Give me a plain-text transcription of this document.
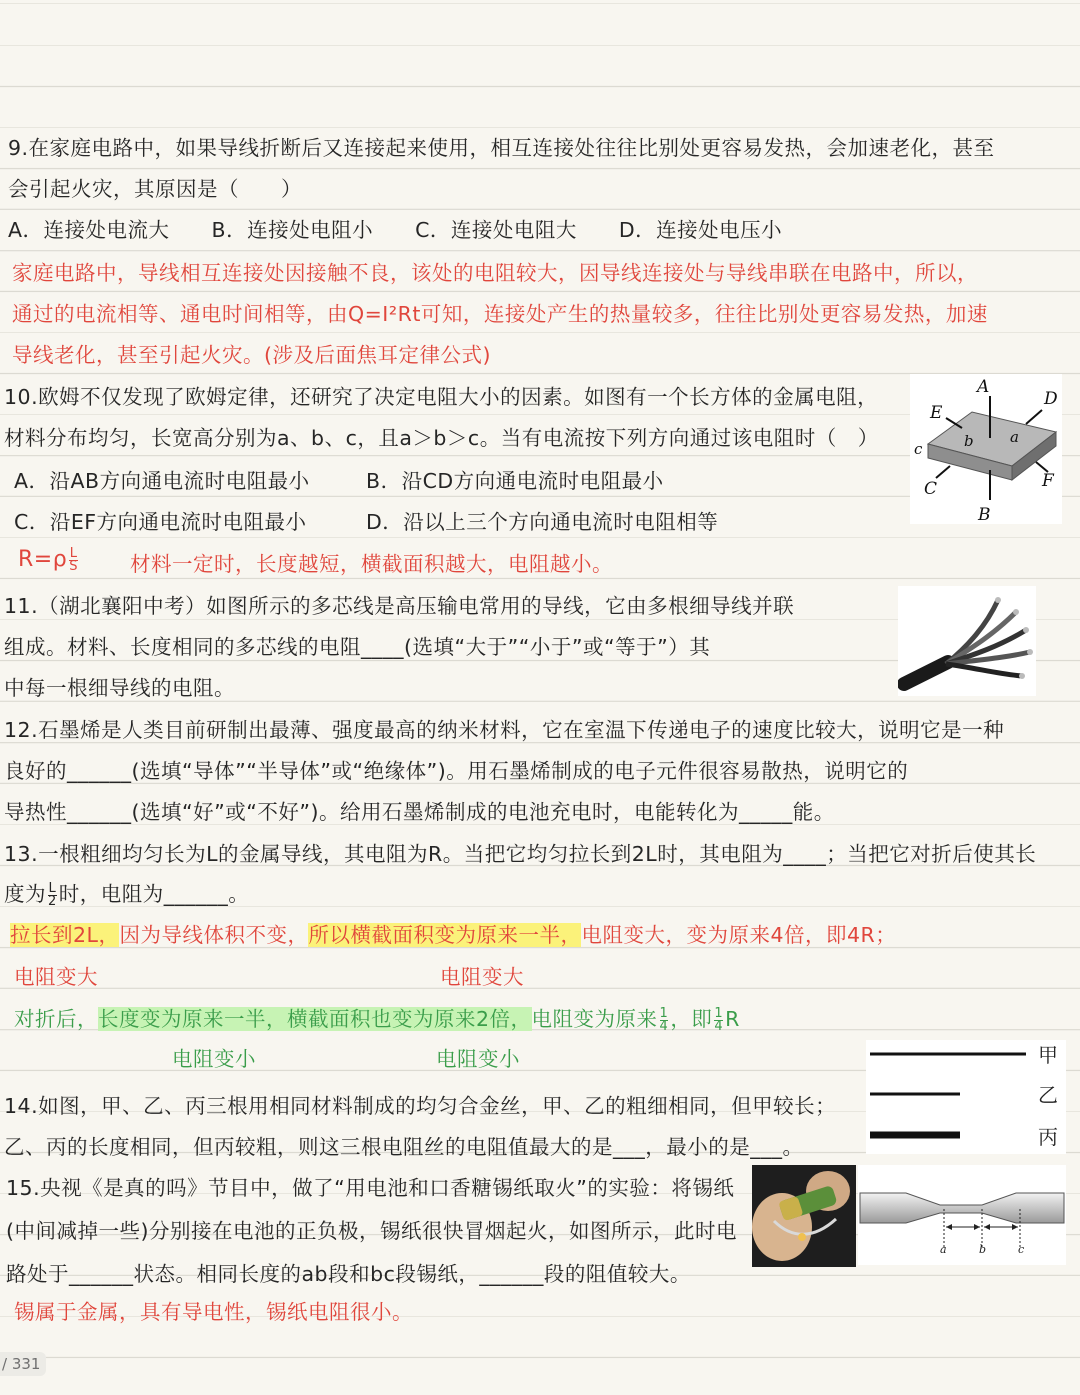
9.在家庭电路中，如果导线折断后又连接起来使用，相互连接处往往比别处更容易发热，会加速老化，甚至
会引起火灾，其原因是（　　）
A．连接处电流大　　B．连接处电阻小　　C．连接处电阻大　　D．连接处电压小
家庭电路中，导线相互连接处因接触不良，该处的电阻较大，因导线连接处与导线串联在电路中，所以，
通过的电流相等、通电时间相等，由Q=I²Rt可知，连接处产生的热量较多，往往比别处更容易发热，加速
导线老化，甚至引起火灾。(涉及后面焦耳定律公式)
10.欧姆不仅发现了欧姆定律，还研究了决定电阻大小的因素。如图有一个长方体的金属电阻，
材料分布均匀，长宽高分别为a、b、c，且a＞b＞c。当有电流按下列方向通过该电阻时（　）
A．沿AB方向通电流时电阻最小	B．沿CD方向通电流时电阻最小
C．沿EF方向通电流时电阻最小	D．沿以上三个方向通电流时电阻相等
$R=\rho \frac{L}{S}$	材料一定时，长度越短，横截面积越大，电阻越小。
A
B
C
D
E
F
a
b
c
11.（湖北襄阳中考）如图所示的多芯线是高压输电常用的导线，它由多根细导线并联
组成。材料、长度相同的多芯线的电阻____(选填“大于”“小于”或“等于”）其
中每一根细导线的电阻。
12.石墨烯是人类目前研制出最薄、强度最高的纳米材料，它在室温下传递电子的速度比较大，说明它是一种
良好的______(选填“导体”“半导体”或“绝缘体”)。用石墨烯制成的电子元件很容易散热，说明它的
导热性______(选填“好”或“不好”)。给用石墨烯制成的电池充电时，电能转化为_____能。
13.一根粗细均匀长为L的金属导线，其电阻为R。当把它均匀拉长到2L时，其电阻为____；当把它对折后使其长
度为 $\frac{L}{2}$ 时，电阻为______。
拉长到2L，因为导线体积不变，所以横截面积变为原来一半，电阻变大，变为原来4倍，即4R；
电阻变大	电阻变大
对折后，长度变为原来一半，横截面积也变为原来2倍，电阻变为原来 $\frac{1}{4}$ ，即 $\frac{1}{4}$ R
电阻变小	电阻变小	甲
乙
丙
14.如图，甲、乙、丙三根用相同材料制成的均匀合金丝，甲、乙的粗细相同，但甲较长；
乙、丙的长度相同，但丙较粗，则这三根电阻丝的电阻值最大的是___，最小的是___。
15.央视《是真的吗》节目中，做了“用电池和口香糖锡纸取火”的实验：将锡纸
(中间减掉一些)分别接在电池的正负极，锡纸很快冒烟起火，如图所示，此时电
路处于______状态。相同长度的ab段和bc段锡纸，______段的阻值较大。
锡属于金属，具有导电性，锡纸电阻很小。
a	b	c
/ 331
